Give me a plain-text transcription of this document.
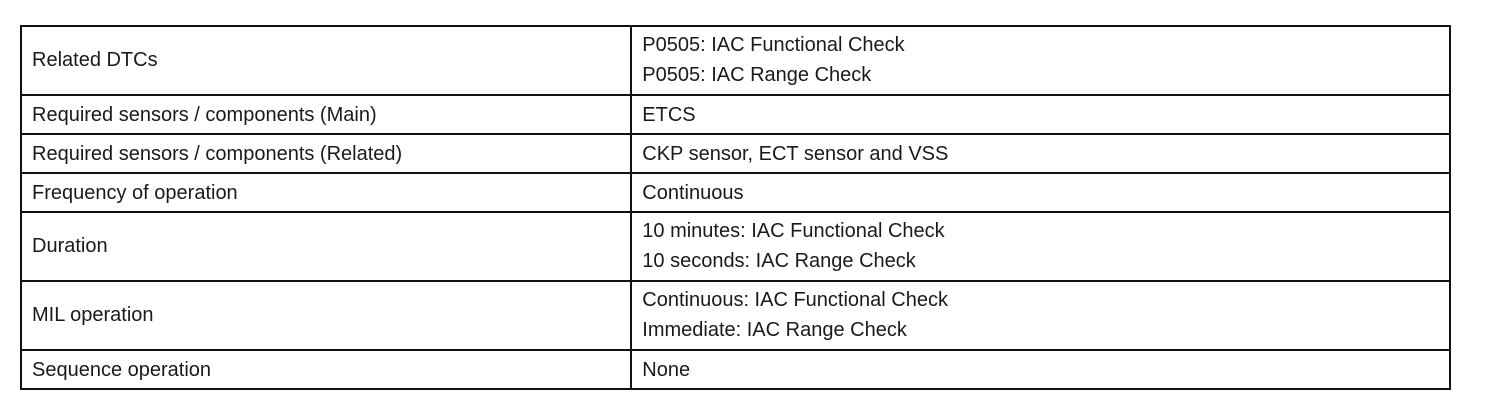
Related DTCs	P0505: IAC Functional Check
P0505: IAC Range Check

Required sensors / components (Main)	ETCS

Required sensors / components (Related)	CKP sensor, ECT sensor and VSS

Frequency of operation	Continuous

Duration	10 minutes: IAC Functional Check
10 seconds: IAC Range Check

MIL operation	Continuous: IAC Functional Check
Immediate: IAC Range Check

Sequence operation	None
